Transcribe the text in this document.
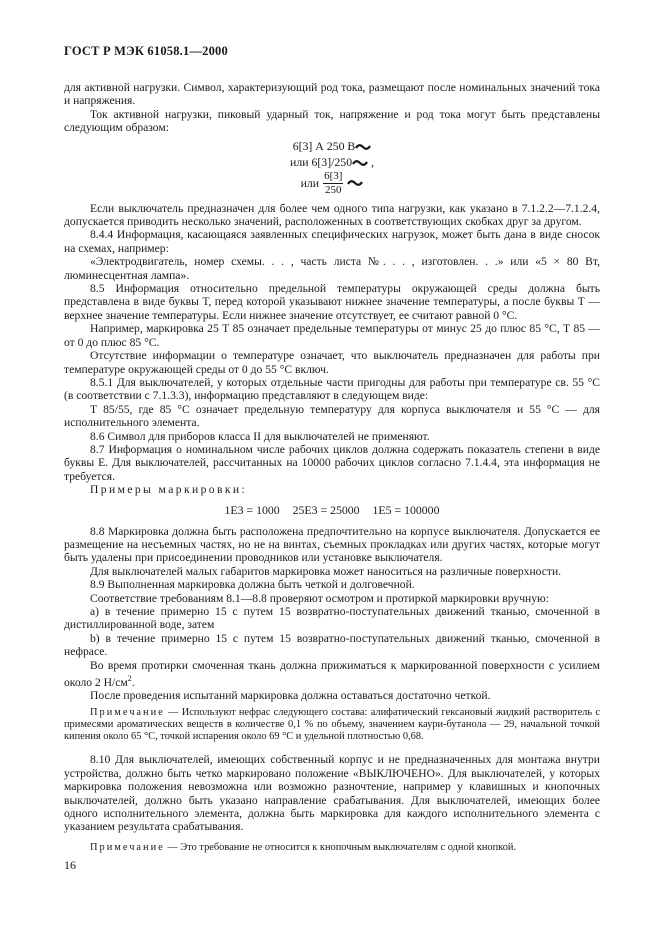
ГОСТ Р МЭК 61058.1—2000

для активной нагрузки. Символ, характеризующий род тока, размещают после номинальных значений тока и напряжения.

Ток активной нагрузки, пиковый ударный ток, напряжение и род тока могут быть представлены следующим образом:

6[3] А 250 В
или 6[3]/250 ,
или $\frac{6[3]}{250}$

Если выключатель предназначен для более чем одного типа нагрузки, как указано в 7.1.2.2—7.1.2.4, допускается приводить несколько значений, расположенных в соответствующих скобках друг за другом.

8.4.4 Информация, касающаяся заявленных специфических нагрузок, может быть дана в виде сносок на схемах, например:

«Электродвигатель, номер схемы. . . , часть листа №. . . , изготовлен. . .» или «5 × 80 Вт, люминесцентная лампа».

8.5 Информация относительно предельной температуры окружающей среды должна быть представлена в виде буквы Т, перед которой указывают нижнее значение температуры, а после буквы Т — верхнее значение температуры. Если нижнее значение отсутствует, ее считают равной 0 °С.

Например, маркировка 25 Т 85 означает предельные температуры от минус 25 до плюс 85 °С, Т 85 — от 0 до плюс 85 °С.

Отсутствие информации о температуре означает, что выключатель предназначен для работы при температуре окружающей среды от 0 до 55 °С включ.

8.5.1 Для выключателей, у которых отдельные части пригодны для работы при температуре св. 55 °С (в соответствии с 7.1.3.3), информацию представляют в следующем виде:

Т 85/55, где 85 °С означает предельную температуру для корпуса выключателя и 55 °С — для исполнительного элемента.

8.6 Символ для приборов класса II для выключателей не применяют.

8.7 Информация о номинальном числе рабочих циклов должна содержать показатель степени в виде буквы Е. Для выключателей, рассчитанных на 10000 рабочих циклов согласно 7.1.4.4, эта информация не требуется.

Примеры маркировки:

1Е3 = 1000 25Е3 = 25000 1Е5 = 100000

8.8 Маркировка должна быть расположена предпочтительно на корпусе выключателя. Допускается ее размещение на несъемных частях, но не на винтах, съемных прокладках или других частях, которые могут быть удалены при присоединении проводников или установке выключателя.

Для выключателей малых габаритов маркировка может наноситься на различные поверхности.

8.9 Выполненная маркировка должна быть четкой и долговечной.

Соответствие требованиям 8.1—8.8 проверяют осмотром и протиркой маркировки вручную:

a) в течение примерно 15 с путем 15 возвратно-поступательных движений тканью, смоченной в дистиллированной воде, затем

b) в течение примерно 15 с путем 15 возвратно-поступательных движений тканью, смоченной в нефрасе.

Во время протирки смоченная ткань должна прижиматься к маркированной поверхности с усилием около 2 $Н/см^2$.

После проведения испытаний маркировка должна оставаться достаточно четкой.

Примечание — Используют нефрас следующего состава: алифатический гексановый жидкий растворитель с примесями ароматических веществ в количестве 0,1 % по объему, значением каури-бутанола — 29, начальной точкой кипения около 65 °С, точкой испарения около 69 °С и удельной плотностью 0,68.

8.10 Для выключателей, имеющих собственный корпус и не предназначенных для монтажа внутри устройства, должно быть четко маркировано положение «ВЫКЛЮЧЕНО». Для выключателей, у которых маркировка положения невозможна или возможно разночтение, например у клавишных и кнопочных выключателей, должно быть указано направление срабатывания. Для выключателей, имеющих более одного исполнительного элемента, должна быть маркировка для каждого исполнительного элемента с указанием результата срабатывания.

Примечание — Это требование не относится к кнопочным выключателям с одной кнопкой.

16
